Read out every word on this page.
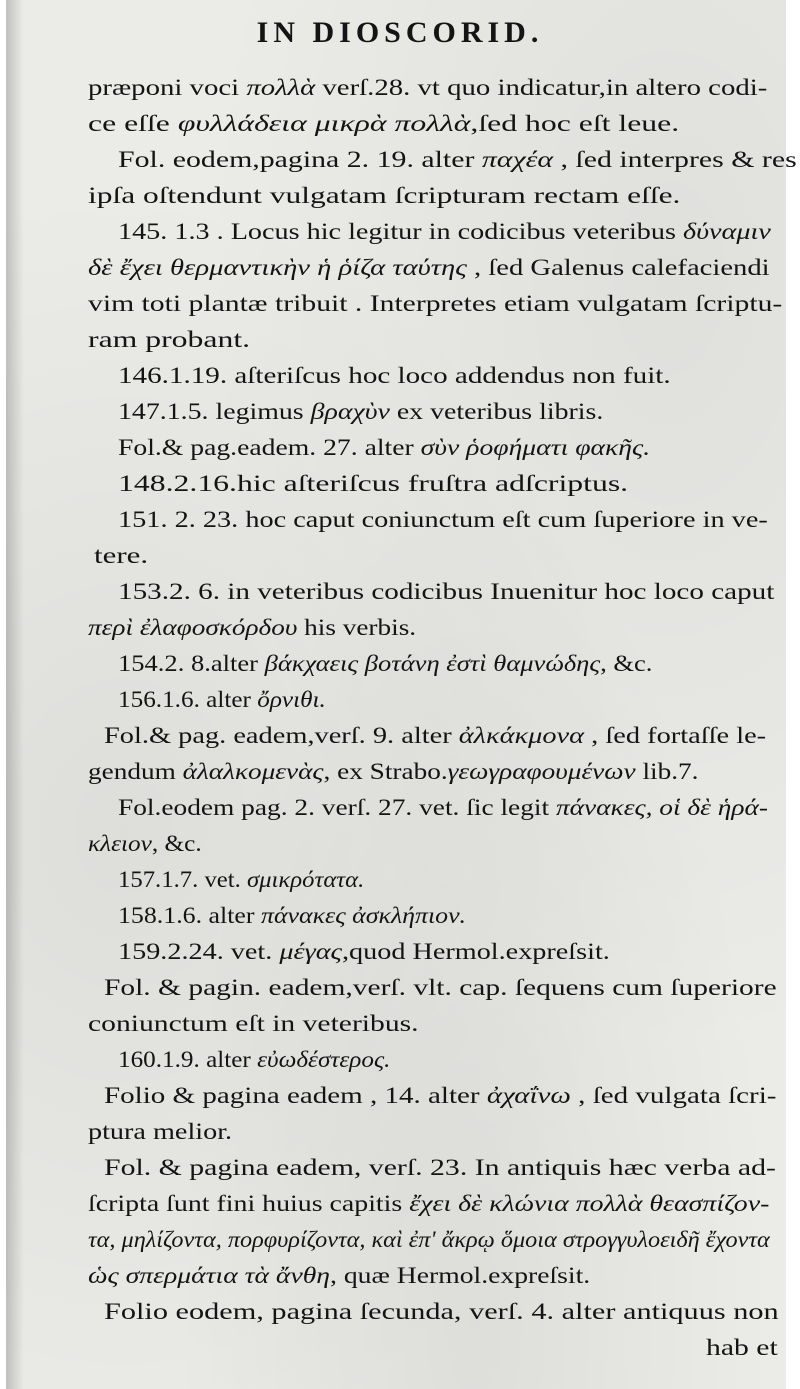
IN DIOSCORID.
præponi voci πολλὰ verſ.28. vt quo indicatur,in altero codi-
ce eſſe φυλλάδεια μικρὰ πολλὰ,ſed hoc eſt leue.
Fol. eodem,pagina 2. 19. alter παχέα , ſed interpres & res
ipſa oſtendunt vulgatam ſcripturam rectam eſſe.
145. 1.3 . Locus hic legitur in codicibus veteribus δύναμιν
δὲ ἔχει θερμαντικὴν ἡ ῥίζα ταύτης , ſed Galenus calefaciendi
vim toti plantæ tribuit . Interpretes etiam vulgatam ſcriptu-
ram probant.
146.1.19. aſteriſcus hoc loco addendus non fuit.
147.1.5. legimus βραχὺν ex veteribus libris.
Fol.& pag.eadem. 27. alter σὺν ῥοφήματι φακῆς.
148.2.16.hic aſteriſcus fruſtra adſcriptus.
151. 2. 23. hoc caput coniunctum eſt cum ſuperiore in ve-
tere.
153.2. 6. in veteribus codicibus Inuenitur hoc loco caput
περὶ ἐλαφοσκόρδου his verbis.
154.2. 8.alter βάκχαεις βοτάνη ἐστὶ θαμνώδης, &c.
156.1.6. alter ὄρνιθι.
Fol.& pag. eadem,verſ. 9. alter ἀλκάκμονα , ſed fortaſſe le-
gendum ἀλαλκομενὰς, ex Strabo.γεωγραφουμένων lib.7.
Fol.eodem pag. 2. verſ. 27. vet. ſic legit πάνακες, οἱ δὲ ἡρά-
κλειον, &c.
157.1.7. vet. σμικρότατα.
158.1.6. alter πάνακες ἀσκλήπιον.
159.2.24. vet. μέγας,quod Hermol.expreſsit.
Fol. & pagin. eadem,verſ. vlt. cap. ſequens cum ſuperiore
coniunctum eſt in veteribus.
160.1.9. alter εὐωδέστερος.
Folio & pagina eadem , 14. alter ἀχαΐνω , ſed vulgata ſcri-
ptura melior.
Fol. & pagina eadem, verſ. 23. In antiquis hæc verba ad-
ſcripta ſunt fini huius capitis ἔχει δὲ κλώνια πολλὰ θεασπίζον-
τα, μηλίζοντα, πορφυρίζοντα, καὶ ἐπ' ἄκρῳ ὅμοια στρογγυλοειδῆ ἔχοντα
ὡς σπερμάτια τὰ ἄνθη, quæ Hermol.expreſsit.
Folio eodem, pagina ſecunda, verſ. 4. alter antiquus non
hab et
